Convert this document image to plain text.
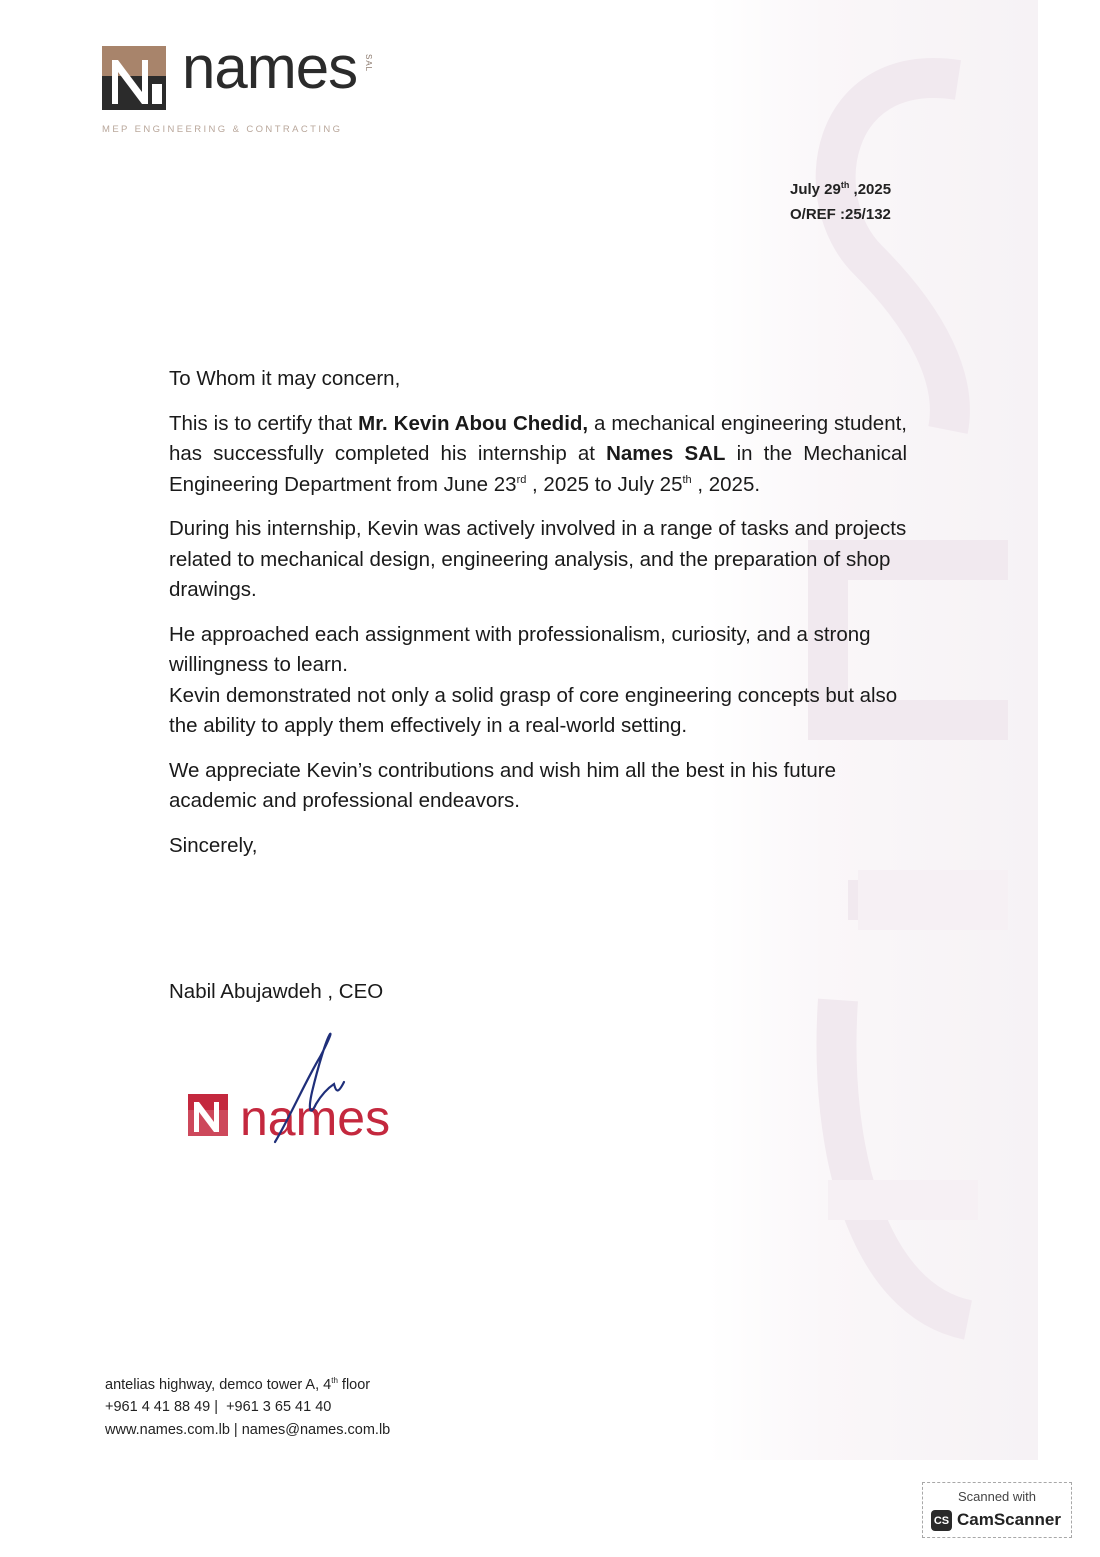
names SAL
MEP ENGINEERING & CONTRACTING
July 29th ,2025
O/REF :25/132

To Whom it may concern,

This is to certify that Mr. Kevin Abou Chedid, a mechanical engineering student, has successfully completed his internship at Names SAL in the Mechanical Engineering Department from June 23rd , 2025 to July 25th , 2025.

During his internship, Kevin was actively involved in a range of tasks and projects related to mechanical design, engineering analysis, and the preparation of shop drawings.

He approached each assignment with professionalism, curiosity, and a strong willingness to learn.

Kevin demonstrated not only a solid grasp of core engineering concepts but also the ability to apply them effectively in a real-world setting.

We appreciate Kevin’s contributions and wish him all the best in his future academic and professional endeavors.

Sincerely,

Nabil Abujawdeh , CEO
names
antelias highway, demco tower A, 4th floor
+961 4 41 88 49 |  +961 3 65 41 40
www.names.com.lb | names@names.com.lb
Scanned with
CS CamScanner
